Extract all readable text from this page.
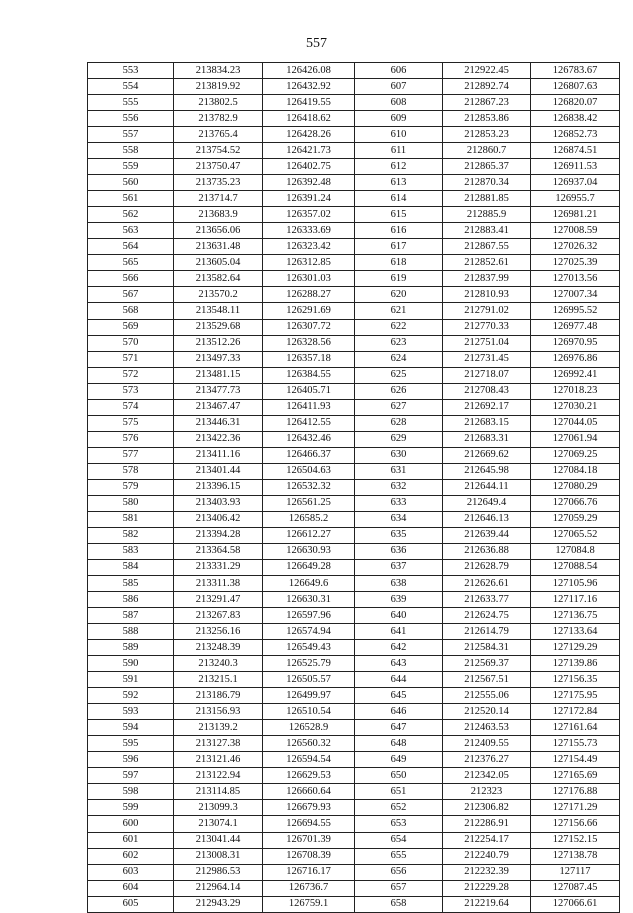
557
553	213834.23	126426.08	606	212922.45	126783.67
554	213819.92	126432.92	607	212892.74	126807.63
555	213802.5	126419.55	608	212867.23	126820.07
556	213782.9	126418.62	609	212853.86	126838.42
557	213765.4	126428.26	610	212853.23	126852.73
558	213754.52	126421.73	611	212860.7	126874.51
559	213750.47	126402.75	612	212865.37	126911.53
560	213735.23	126392.48	613	212870.34	126937.04
561	213714.7	126391.24	614	212881.85	126955.7
562	213683.9	126357.02	615	212885.9	126981.21
563	213656.06	126333.69	616	212883.41	127008.59
564	213631.48	126323.42	617	212867.55	127026.32
565	213605.04	126312.85	618	212852.61	127025.39
566	213582.64	126301.03	619	212837.99	127013.56
567	213570.2	126288.27	620	212810.93	127007.34
568	213548.11	126291.69	621	212791.02	126995.52
569	213529.68	126307.72	622	212770.33	126977.48
570	213512.26	126328.56	623	212751.04	126970.95
571	213497.33	126357.18	624	212731.45	126976.86
572	213481.15	126384.55	625	212718.07	126992.41
573	213477.73	126405.71	626	212708.43	127018.23
574	213467.47	126411.93	627	212692.17	127030.21
575	213446.31	126412.55	628	212683.15	127044.05
576	213422.36	126432.46	629	212683.31	127061.94
577	213411.16	126466.37	630	212669.62	127069.25
578	213401.44	126504.63	631	212645.98	127084.18
579	213396.15	126532.32	632	212644.11	127080.29
580	213403.93	126561.25	633	212649.4	127066.76
581	213406.42	126585.2	634	212646.13	127059.29
582	213394.28	126612.27	635	212639.44	127065.52
583	213364.58	126630.93	636	212636.88	127084.8
584	213331.29	126649.28	637	212628.79	127088.54
585	213311.38	126649.6	638	212626.61	127105.96
586	213291.47	126630.31	639	212633.77	127117.16
587	213267.83	126597.96	640	212624.75	127136.75
588	213256.16	126574.94	641	212614.79	127133.64
589	213248.39	126549.43	642	212584.31	127129.29
590	213240.3	126525.79	643	212569.37	127139.86
591	213215.1	126505.57	644	212567.51	127156.35
592	213186.79	126499.97	645	212555.06	127175.95
593	213156.93	126510.54	646	212520.14	127172.84
594	213139.2	126528.9	647	212463.53	127161.64
595	213127.38	126560.32	648	212409.55	127155.73
596	213121.46	126594.54	649	212376.27	127154.49
597	213122.94	126629.53	650	212342.05	127165.69
598	213114.85	126660.64	651	212323	127176.88
599	213099.3	126679.93	652	212306.82	127171.29
600	213074.1	126694.55	653	212286.91	127156.66
601	213041.44	126701.39	654	212254.17	127152.15
602	213008.31	126708.39	655	212240.79	127138.78
603	212986.53	126716.17	656	212232.39	127117
604	212964.14	126736.7	657	212229.28	127087.45
605	212943.29	126759.1	658	212219.64	127066.61
